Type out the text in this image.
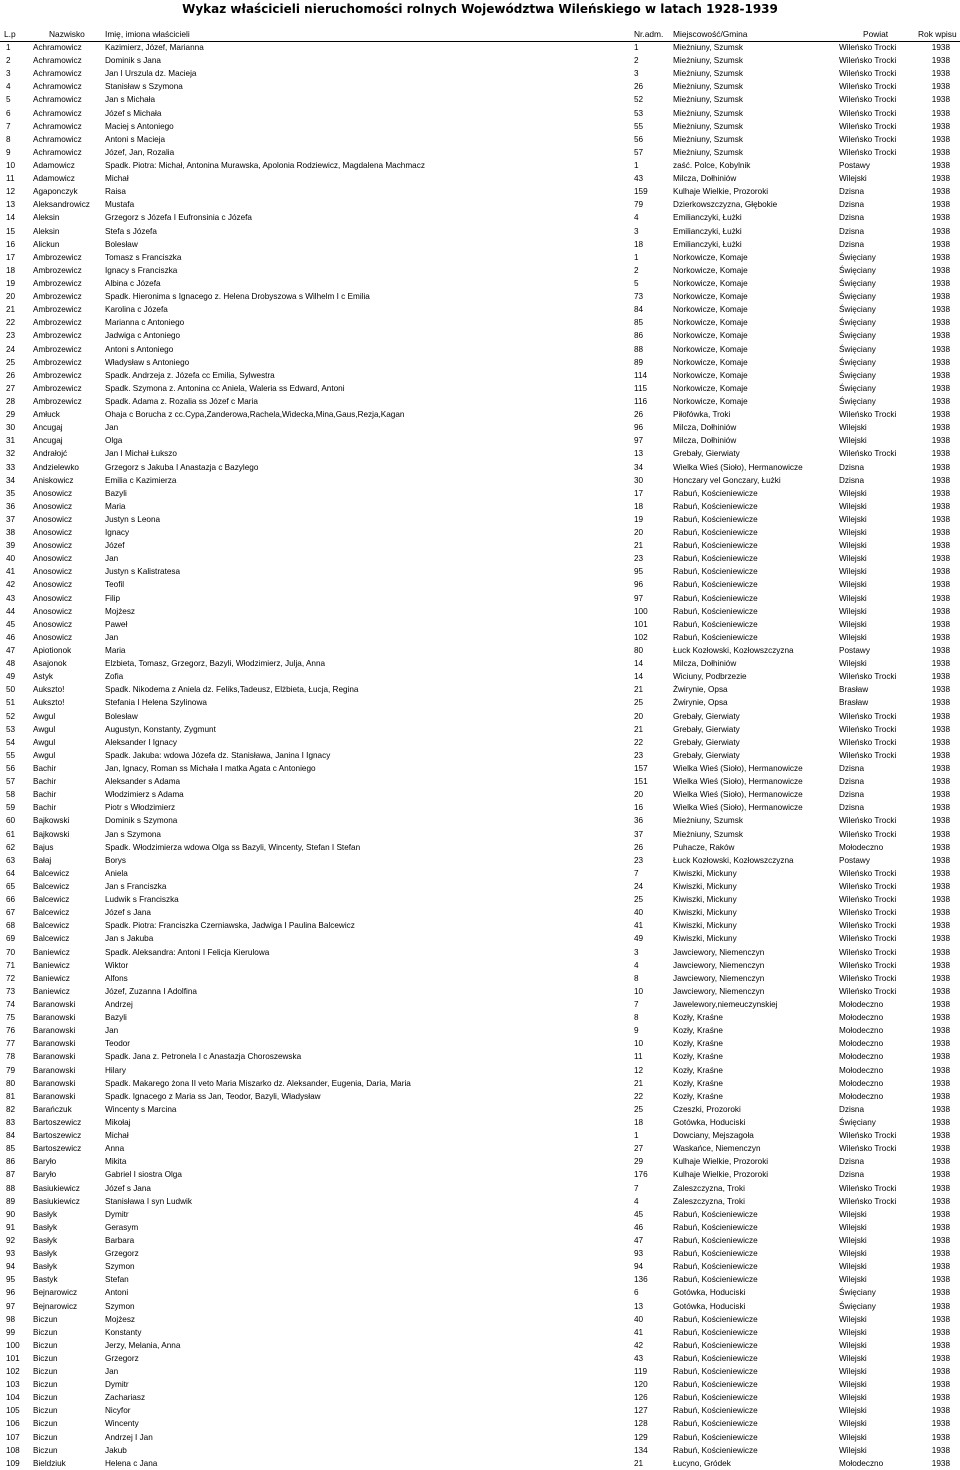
Wykaz właścicieli nieruchomości rolnych Województwa Wileńskiego w latach 1928-1939
L.p	Nazwisko	Imię, imiona właścicieli	Nr.adm.	Miejscowość/Gmina	Powiat	Rok wpisu
1	Achramowicz	Kazimierz, Józef, Marianna	1	Mieżniuny, Szumsk	Wileńsko Trocki	1938
2	Achramowicz	Dominik s Jana	2	Mieżniuny, Szumsk	Wileńsko Trocki	1938
3	Achramowicz	Jan I Urszula dz. Macieja	3	Mieżniuny, Szumsk	Wileńsko Trocki	1938
4	Achramowicz	Stanisław s Szymona	26	Mieżniuny, Szumsk	Wileńsko Trocki	1938
5	Achramowicz	Jan s Michała	52	Mieżniuny, Szumsk	Wileńsko Trocki	1938
6	Achramowicz	Józef s Michała	53	Mieżniuny, Szumsk	Wileńsko Trocki	1938
7	Achramowicz	Maciej s Antoniego	55	Mieżniuny, Szumsk	Wileńsko Trocki	1938
8	Achramowicz	Antoni s Macieja	56	Mieżniuny, Szumsk	Wileńsko Trocki	1938
9	Achramowicz	Józef, Jan, Rozalia	57	Mieżniuny, Szumsk	Wileńsko Trocki	1938
10	Adamowicz	Spadk. Piotra: Michał, Antonina Murawska, Apolonia Rodziewicz, Magdalena Machmacz	1	zaść. Polce, Kobylnik	Postawy	1938
11	Adamowicz	Michał	43	Milcza, Dołhiniów	Wilejski	1938
12	Agaponczyk	Raisa	159	Kulhaje Wielkie, Prozoroki	Dzisna	1938
13	Aleksandrowicz	Mustafa	79	Dzierkowszczyzna, Głębokie	Dzisna	1938
14	Aleksin	Grzegorz s Józefa I Eufronsinia c Józefa	4	Emilianczyki, Łużki	Dzisna	1938
15	Aleksin	Stefa s Józefa	3	Emilianczyki, Łużki	Dzisna	1938
16	Alickun	Bolesław	18	Emilianczyki, Łużki	Dzisna	1938
17	Ambrozewicz	Tomasz s Franciszka	1	Norkowicze, Komaje	Święciany	1938
18	Ambrozewicz	Ignacy s Franciszka	2	Norkowicze, Komaje	Święciany	1938
19	Ambrozewicz	Albina c Józefa	5	Norkowicze, Komaje	Święciany	1938
20	Ambrozewicz	Spadk. Hieronima s Ignacego z. Helena Drobyszowa s Wilhelm I c Emilia	73	Norkowicze, Komaje	Święciany	1938
21	Ambrozewicz	Karolina c Józefa	84	Norkowicze, Komaje	Święciany	1938
22	Ambrozewicz	Marianna c Antoniego	85	Norkowicze, Komaje	Święciany	1938
23	Ambrozewicz	Jadwiga c Antoniego	86	Norkowicze, Komaje	Święciany	1938
24	Ambrozewicz	Antoni s Antoniego	88	Norkowicze, Komaje	Święciany	1938
25	Ambrozewicz	Władysław s Antoniego	89	Norkowicze, Komaje	Święciany	1938
26	Ambrozewicz	Spadk. Andrzeja z. Józefa cc Emilia, Sylwestra	114	Norkowicze, Komaje	Święciany	1938
27	Ambrozewicz	Spadk. Szymona z. Antonina cc Aniela, Waleria ss Edward, Antoni	115	Norkowicze, Komaje	Święciany	1938
28	Ambrozewicz	Spadk. Adama z. Rozalia ss Józef c Maria	116	Norkowicze, Komaje	Święciany	1938
29	Amłuck	Ohaja c Borucha z cc.Cypa,Zanderowa,Rachela,Widecka,Mina,Gaus,Rezja,Kagan	26	Piłofówka, Troki	Wileńsko Trocki	1938
30	Ancugaj	Jan	96	Milcza, Dołhiniów	Wilejski	1938
31	Ancugaj	Olga	97	Milcza, Dołhiniów	Wilejski	1938
32	Andrałojć	Jan I Michał Łukszo	13	Grebały, Gierwiaty	Wileńsko Trocki	1938
33	Andzielewko	Grzegorz s Jakuba I Anastazja c Bazylego	34	Wielka Wieś (Sioło), Hermanowicze	Dzisna	1938
34	Aniskowicz	Emilia c Kazimierza	30	Honczary vel Gonczary, Łużki	Dzisna	1938
35	Anosowicz	Bazyli	17	Rabuń, Kościeniewicze	Wilejski	1938
36	Anosowicz	Maria	18	Rabuń, Kościeniewicze	Wilejski	1938
37	Anosowicz	Justyn s Leona	19	Rabuń, Kościeniewicze	Wilejski	1938
38	Anosowicz	Ignacy	20	Rabuń, Kościeniewicze	Wilejski	1938
39	Anosowicz	Józef	21	Rabuń, Kościeniewicze	Wilejski	1938
40	Anosowicz	Jan	23	Rabuń, Kościeniewicze	Wilejski	1938
41	Anosowicz	Justyn s Kalistratesa	95	Rabuń, Kościeniewicze	Wilejski	1938
42	Anosowicz	Teofil	96	Rabuń, Kościeniewicze	Wilejski	1938
43	Anosowicz	Filip	97	Rabuń, Kościeniewicze	Wilejski	1938
44	Anosowicz	Mojżesz	100	Rabuń, Kościeniewicze	Wilejski	1938
45	Anosowicz	Paweł	101	Rabuń, Kościeniewicze	Wilejski	1938
46	Anosowicz	Jan	102	Rabuń, Kościeniewicze	Wilejski	1938
47	Apiotionok	Maria	80	Łuck Kozłowski, Kozłowszczyzna	Postawy	1938
48	Asajonok	Elzbieta, Tomasz, Grzegorz, Bazyli, Włodzimierz, Julja, Anna	14	Milcza, Dołhiniów	Wilejski	1938
49	Astyk	Zofia	14	Wiciuny, Podbrzezie	Wileńsko Trocki	1938
50	Aukszto!	Spadk. Nikodema z Aniela dz. Feliks,Tadeusz, Elżbieta, Łucja, Regina	21	Żwirynie, Opsa	Brasław	1938
51	Aukszto!	Stefania I Helena Szylinowa	25	Żwirynie, Opsa	Brasław	1938
52	Awgul	Bolesław	20	Grebały, Gierwiaty	Wileńsko Trocki	1938
53	Awgul	Augustyn, Konstanty, Zygmunt	21	Grebały, Gierwiaty	Wileńsko Trocki	1938
54	Awgul	Aleksander I Ignacy	22	Grebały, Gierwiaty	Wileńsko Trocki	1938
55	Awgul	Spadk. Jakuba: wdowa Józefa dz. Stanisława, Janina I Ignacy	23	Grebały, Gierwiaty	Wileńsko Trocki	1938
56	Bachir	Jan, Ignacy, Roman ss Michała I matka Agata c Antoniego	157	Wielka Wieś (Sioło), Hermanowicze	Dzisna	1938
57	Bachir	Aleksander s Adama	151	Wielka Wieś (Sioło), Hermanowicze	Dzisna	1938
58	Bachir	Włodzimierz s Adama	20	Wielka Wieś (Sioło), Hermanowicze	Dzisna	1938
59	Bachir	Piotr s Włodzimierz	16	Wielka Wieś (Sioło), Hermanowicze	Dzisna	1938
60	Bajkowski	Dominik s Szymona	36	Mieżniuny, Szumsk	Wileńsko Trocki	1938
61	Bajkowski	Jan s Szymona	37	Mieżniuny, Szumsk	Wileńsko Trocki	1938
62	Bajus	Spadk. Włodzimierza wdowa Olga ss Bazyli, Wincenty, Stefan I Stefan	26	Puhacze, Raków	Mołodeczno	1938
63	Bałaj	Borys	23	Łuck Kozłowski, Kozłowszczyzna	Postawy	1938
64	Balcewicz	Aniela	7	Kiwiszki, Mickuny	Wileńsko Trocki	1938
65	Balcewicz	Jan s Franciszka	24	Kiwiszki, Mickuny	Wileńsko Trocki	1938
66	Balcewicz	Ludwik s Franciszka	25	Kiwiszki, Mickuny	Wileńsko Trocki	1938
67	Balcewicz	Józef s Jana	40	Kiwiszki, Mickuny	Wileńsko Trocki	1938
68	Balcewicz	Spadk. Piotra: Franciszka Czerniawska, Jadwiga I Paulina Balcewicz	41	Kiwiszki, Mickuny	Wileńsko Trocki	1938
69	Balcewicz	Jan s Jakuba	49	Kiwiszki, Mickuny	Wileńsko Trocki	1938
70	Baniewicz	Spadk. Aleksandra: Antoni I Felicja Kierulowa	3	Jawciewory, Niemenczyn	Wileńsko Trocki	1938
71	Baniewicz	Wiktor	4	Jawciewory, Niemenczyn	Wileńsko Trocki	1938
72	Baniewicz	Alfons	8	Jawciewory, Niemenczyn	Wileńsko Trocki	1938
73	Baniewicz	Józef, Zuzanna I Adolfina	10	Jawciewory, Niemenczyn	Wileńsko Trocki	1938
74	Baranowski	Andrzej	7	Jawelewory,niemeuczynskiej	Mołodeczno	1938
75	Baranowski	Bazyli	8	Kozły, Kraśne	Mołodeczno	1938
76	Baranowski	Jan	9	Kozły, Kraśne	Mołodeczno	1938
77	Baranowski	Teodor	10	Kozły, Kraśne	Mołodeczno	1938
78	Baranowski	Spadk. Jana z. Petronela I c Anastazja Choroszewska	11	Kozły, Kraśne	Mołodeczno	1938
79	Baranowski	Hilary	12	Kozły, Kraśne	Mołodeczno	1938
80	Baranowski	Spadk. Makarego żona II veto Maria Miszarko dz. Aleksander, Eugenia, Daria, Maria	21	Kozły, Kraśne	Mołodeczno	1938
81	Baranowski	Spadk. Ignacego z Maria ss Jan, Teodor, Bazyli, Władysław	22	Kozły, Kraśne	Mołodeczno	1938
82	Barańczuk	Wincenty s Marcina	25	Czeszki, Prozoroki	Dzisna	1938
83	Bartoszewicz	Mikołaj	18	Gotówka, Hoduciski	Święciany	1938
84	Bartoszewicz	Michał	1	Dowciany, Mejszagoła	Wileńsko Trocki	1938
85	Bartoszewicz	Anna	27	Waskańce, Niemenczyn	Wileńsko Trocki	1938
86	Baryło	Mikita	29	Kulhaje Wielkie, Prozoroki	Dzisna	1938
87	Baryło	Gabriel I siostra Olga	176	Kulhaje Wielkie, Prozoroki	Dzisna	1938
88	Basiukiewicz	Józef s Jana	7	Zaleszczyzna, Troki	Wileńsko Trocki	1938
89	Basiukiewicz	Stanisława I syn Ludwik	4	Zaleszczyzna, Troki	Wileńsko Trocki	1938
90	Basłyk	Dymitr	45	Rabuń, Kościeniewicze	Wilejski	1938
91	Basłyk	Gerasym	46	Rabuń, Kościeniewicze	Wilejski	1938
92	Basłyk	Barbara	47	Rabuń, Kościeniewicze	Wilejski	1938
93	Basłyk	Grzegorz	93	Rabuń, Kościeniewicze	Wilejski	1938
94	Basłyk	Szymon	94	Rabuń, Kościeniewicze	Wilejski	1938
95	Bastyk	Stefan	136	Rabuń, Kościeniewicze	Wilejski	1938
96	Bejnarowicz	Antoni	6	Gotówka, Hoduciski	Święciany	1938
97	Bejnarowicz	Szymon	13	Gotówka, Hoduciski	Święciany	1938
98	Biczun	Mojżesz	40	Rabuń, Kościeniewicze	Wilejski	1938
99	Biczun	Konstanty	41	Rabuń, Kościeniewicze	Wilejski	1938
100	Biczun	Jerzy, Melania, Anna	42	Rabuń, Kościeniewicze	Wilejski	1938
101	Biczun	Grzegorz	43	Rabuń, Kościeniewicze	Wilejski	1938
102	Biczun	Jan	119	Rabuń, Kościeniewicze	Wilejski	1938
103	Biczun	Dymitr	120	Rabuń, Kościeniewicze	Wilejski	1938
104	Biczun	Zachariasz	126	Rabuń, Kościeniewicze	Wilejski	1938
105	Biczun	Nicyfor	127	Rabuń, Kościeniewicze	Wilejski	1938
106	Biczun	Wincenty	128	Rabuń, Kościeniewicze	Wilejski	1938
107	Biczun	Andrzej I Jan	129	Rabuń, Kościeniewicze	Wilejski	1938
108	Biczun	Jakub	134	Rabuń, Kościeniewicze	Wilejski	1938
109	Bieldziuk	Helena c Jana	21	Łucyno, Gródek	Mołodeczno	1938
